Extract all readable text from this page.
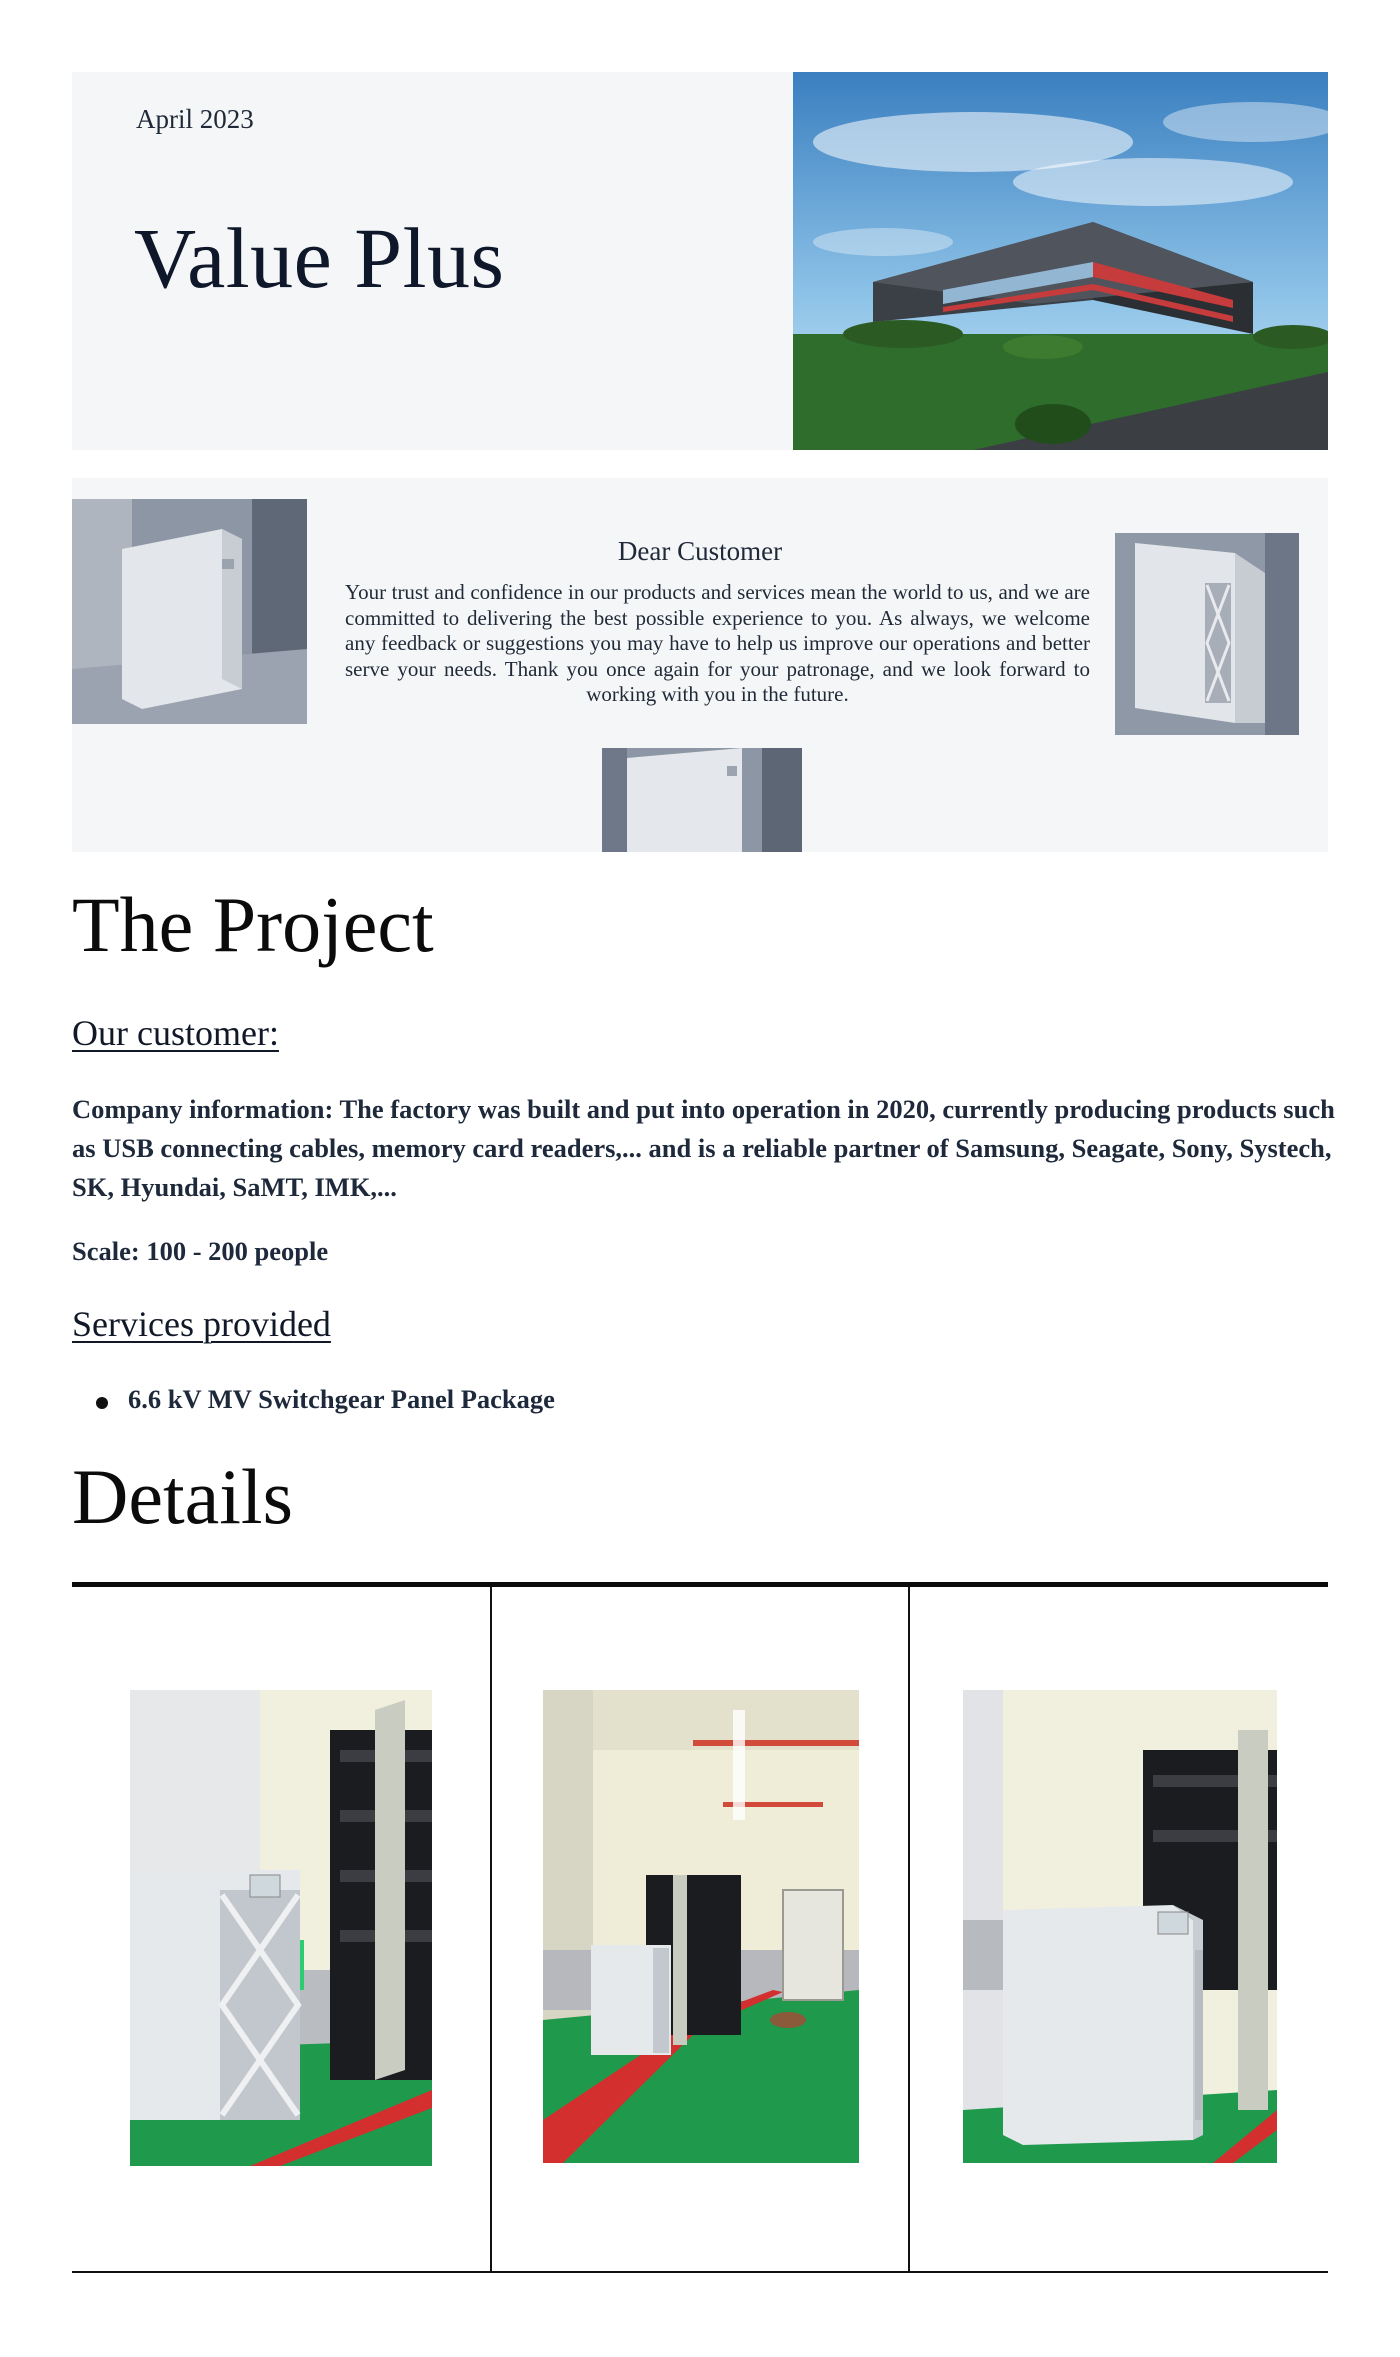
April 2023
Value Plus
Dear Customer

Your trust and confidence in our products and services mean the world to us, and we are committed to delivering the best possible experience to you. As always, we welcome any feedback or suggestions you may have to help us improve our operations and better serve your needs. Thank you once again for your patronage, and we look forward to working with you in the future.

The Project
Our customer:

Company information: The factory was built and put into operation in 2020, currently producing products such as USB connecting cables, memory card readers,... and is a reliable partner of Samsung, Seagate, Sony, Systech, SK, Hyundai, SaMT, IMK,...

Scale: 100 - 200 people
Services provided
6.6 kV MV Switchgear Panel Package
Details
